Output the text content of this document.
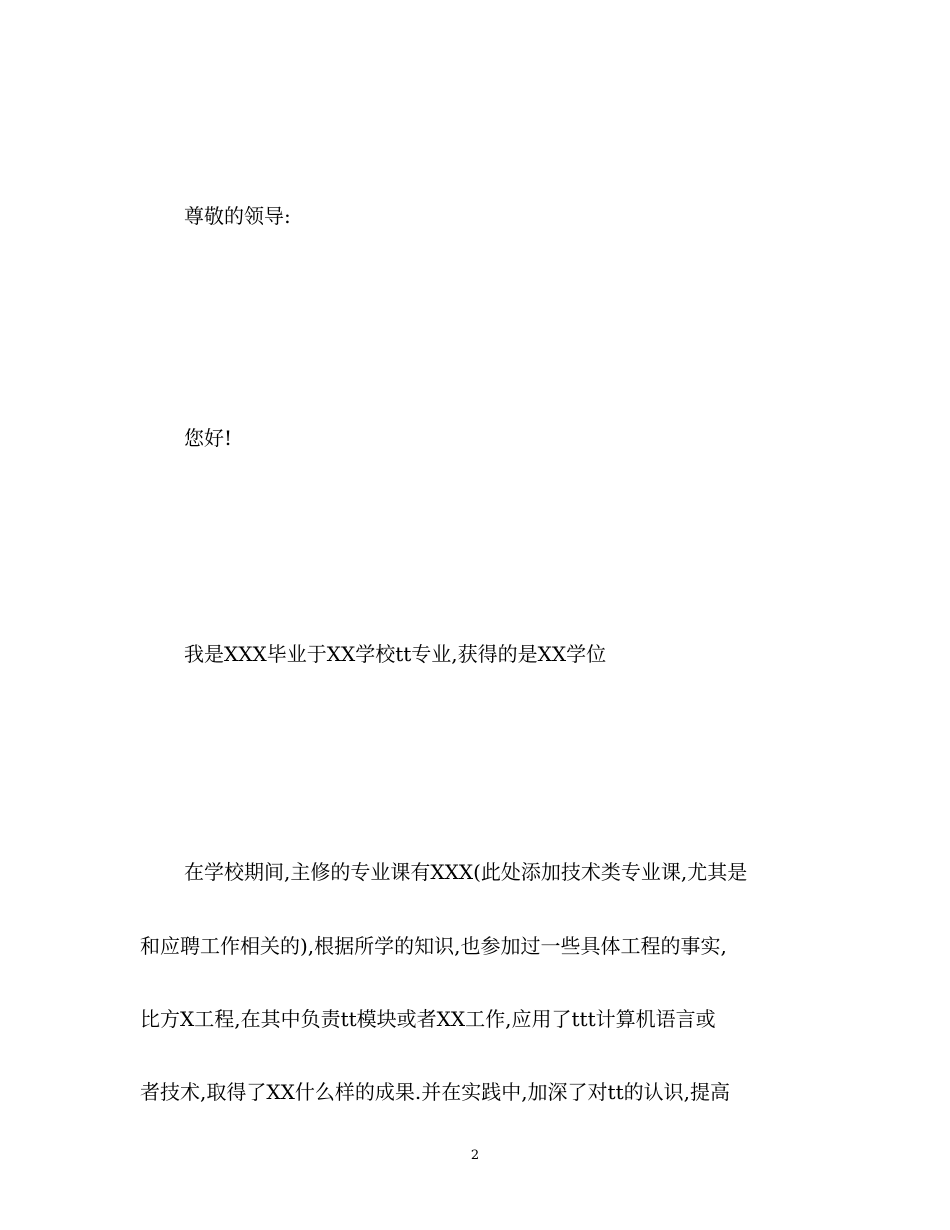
尊敬的领导:
您好!
我是XXX毕业于XX学校tt专业,获得的是XX学位
在学校期间,主修的专业课有XXX(此处添加技术类专业课,尤其是
和应聘工作相关的),根据所学的知识,也参加过一些具体工程的事实,
比方X工程,在其中负责tt模块或者XX工作,应用了ttt计算机语言或
者技术,取得了XX什么样的成果.并在实践中,加深了对tt的认识,提高
2
